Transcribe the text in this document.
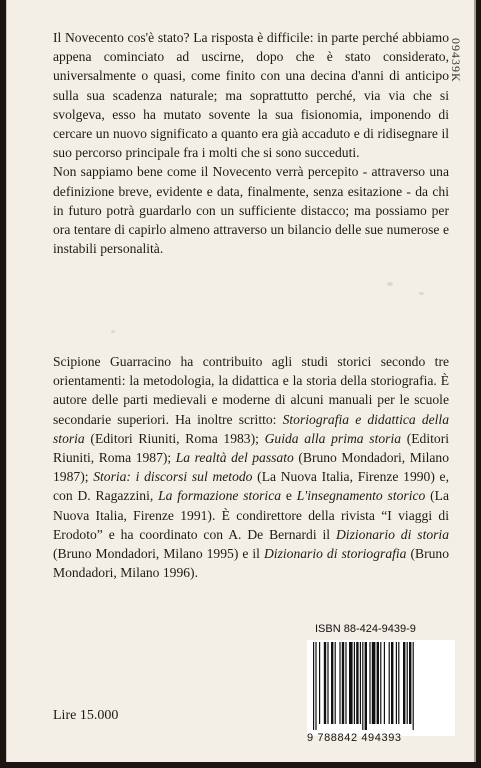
09439K

Il Novecento cos'è stato? La risposta è difficile: in parte perché abbiamo appena cominciato ad uscirne, dopo che è stato considerato, universalmente o quasi, come finito con una decina d'anni di anticipo sulla sua scadenza naturale; ma soprattutto perché, via via che si svolgeva, esso ha mutato sovente la sua fisionomia, imponendo di cercare un nuovo significato a quanto era già accaduto e di ridisegnare il suo percorso principale fra i molti che si sono succeduti.

Non sappiamo bene come il Novecento verrà percepito - attraverso una definizione breve, evidente e data, finalmente, senza esitazione - da chi in futuro potrà guardarlo con un sufficiente distacco; ma possiamo per ora tentare di capirlo almeno attraverso un bilancio delle sue numerose e instabili personalità.

Scipione Guarracino ha contribuito agli studi storici secondo tre orientamenti: la metodologia, la didattica e la storia della storiografia. È autore delle parti medievali e moderne di alcuni manuali per le scuole secondarie superiori. Ha inoltre scritto: Storiografia e didattica della storia (Editori Riuniti, Roma 1983); Guida alla prima storia (Editori Riuniti, Roma 1987); La realtà del passato (Bruno Mondadori, Milano 1987); Storia: i discorsi sul metodo (La Nuova Italia, Firenze 1990) e, con D. Ragazzini, La formazione storica e L'insegnamento storico (La Nuova Italia, Firenze 1991). È condirettore della rivista “I viaggi di Erodoto” e ha coordinato con A. De Bernardi il Dizionario di storia (Bruno Mondadori, Milano 1995) e il Dizionario di storiografia (Bruno Mondadori, Milano 1996).

ISBN 88-424-9439-9
9 788842 494393
Lire 15.000
